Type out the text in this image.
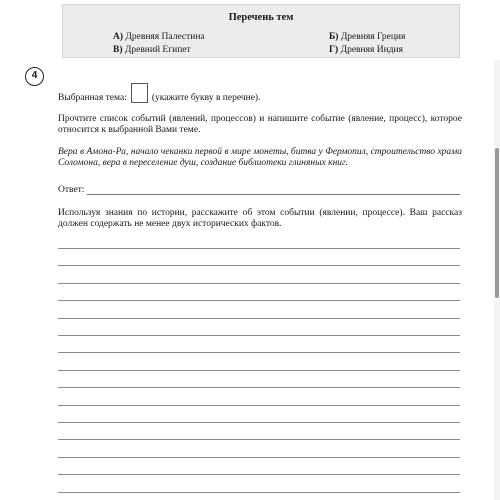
Перечень тем
А) Древняя Палестина	Б) Древняя Греция
В) Древний Египет	Г) Древняя Индия
4
Выбранная тема:	(укажите букву в перечне).
Прочтите список событий (явлений, процессов) и напишите событие (явление, процесс), которое относится к выбранной Вами теме.
Вера в Амона-Ра, начало чеканки первой в мире монеты, битва у Фермопил, строительство храма Соломона, вера в переселение душ, создание библиотеки глиняных книг.
Ответ:
Используя знания по истории, расскажите об этом событии (явлении, процессе). Ваш рассказ должен содержать не менее двух исторических фактов.
